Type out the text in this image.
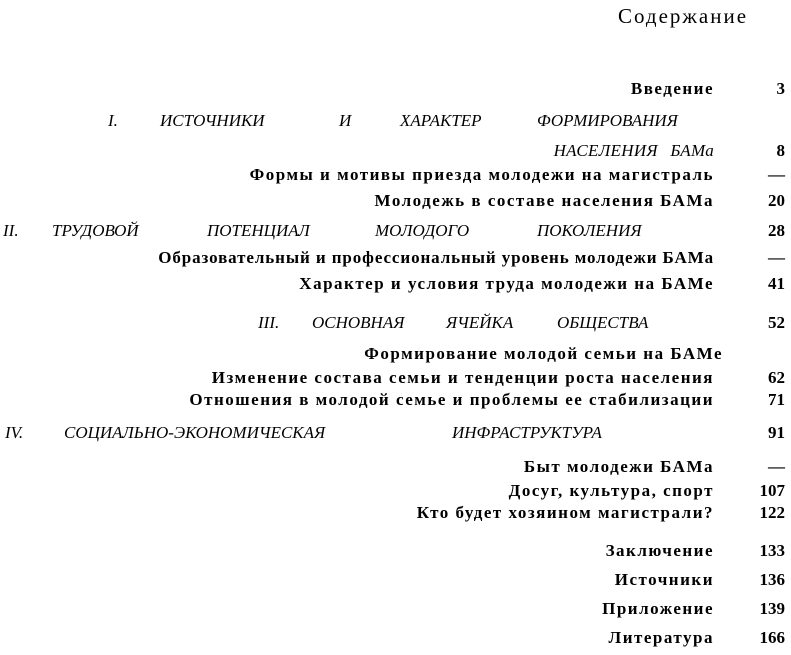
Содержание
Введение	3
I. ИСТОЧНИКИ	И	ХАРАКТЕР	ФОРМИРОВАНИЯ
НАСЕЛЕНИЯ БАМа	8
Формы и мотивы приезда молодежи на магистраль	—
Молодежь в составе населения БАМа	20
II. ТРУДОВОЙ	ПОТЕНЦИАЛ	МОЛОДОГО	ПОКОЛЕНИЯ	28
Образовательный и профессиональный уровень молодежи БАМа	—
Характер и условия труда молодежи на БАМе	41
III. ОСНОВНАЯ ЯЧЕЙКА	ОБЩЕСТВА	52
Формирование молодой семьи на БАМе
Изменение состава семьи и тенденции роста населения	62
Отношения в молодой семье и проблемы ее стабилизации	71
IV. СОЦИАЛЬНО-ЭКОНОМИЧЕСКАЯ	ИНФРАСТРУКТУРА	91
Быт молодежи БАМа	—
Досуг, культура, спорт	107
Кто будет хозяином магистрали?	122
Заключение	133
Источники	136
Приложение	139
Литература	166
